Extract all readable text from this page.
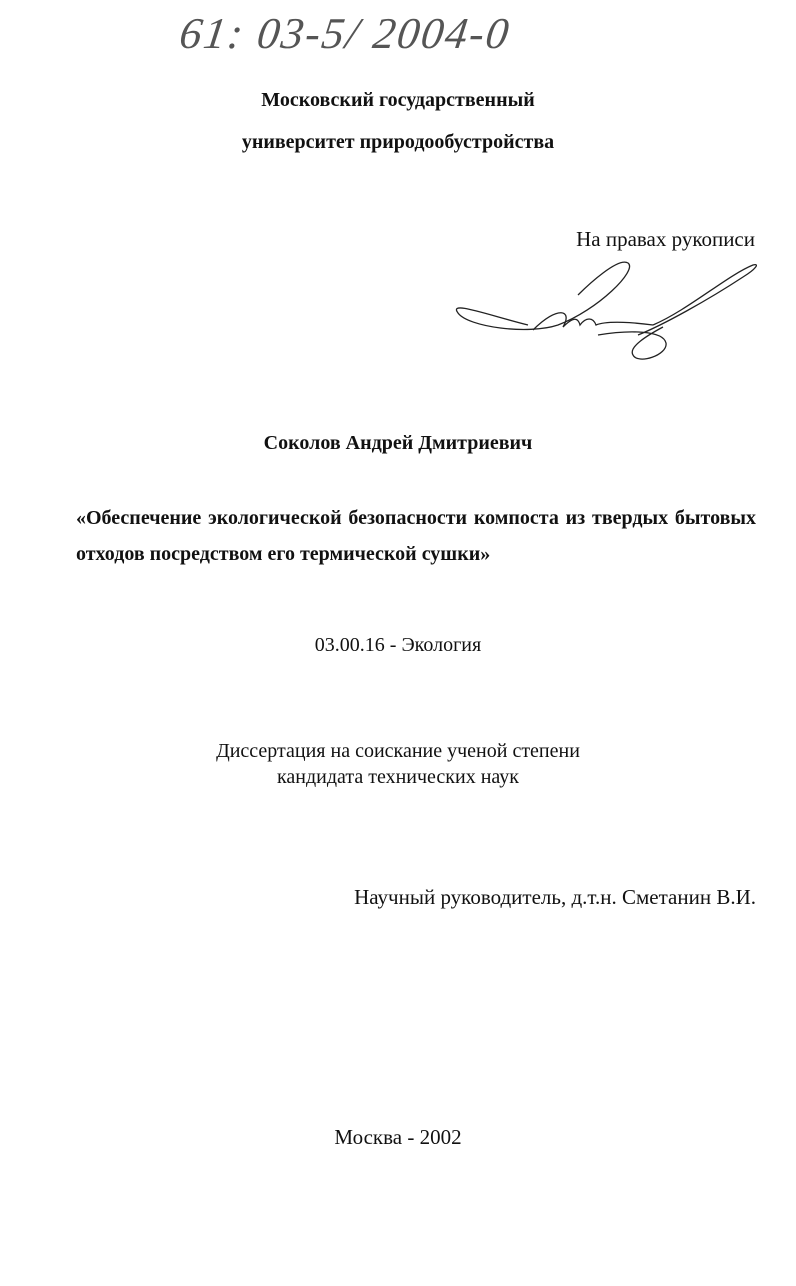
61: 03-5/ 2004-0
Московский государственный
университет природообустройства
На правах рукописи
Соколов Андрей Дмитриевич
«Обеспечение экологической безопасности компоста из твердых бытовых отходов посредством его термической сушки»
03.00.16 - Экология
Диссертация на соискание ученой степени
кандидата технических наук
Научный руководитель, д.т.н. Сметанин В.И.
Москва - 2002
